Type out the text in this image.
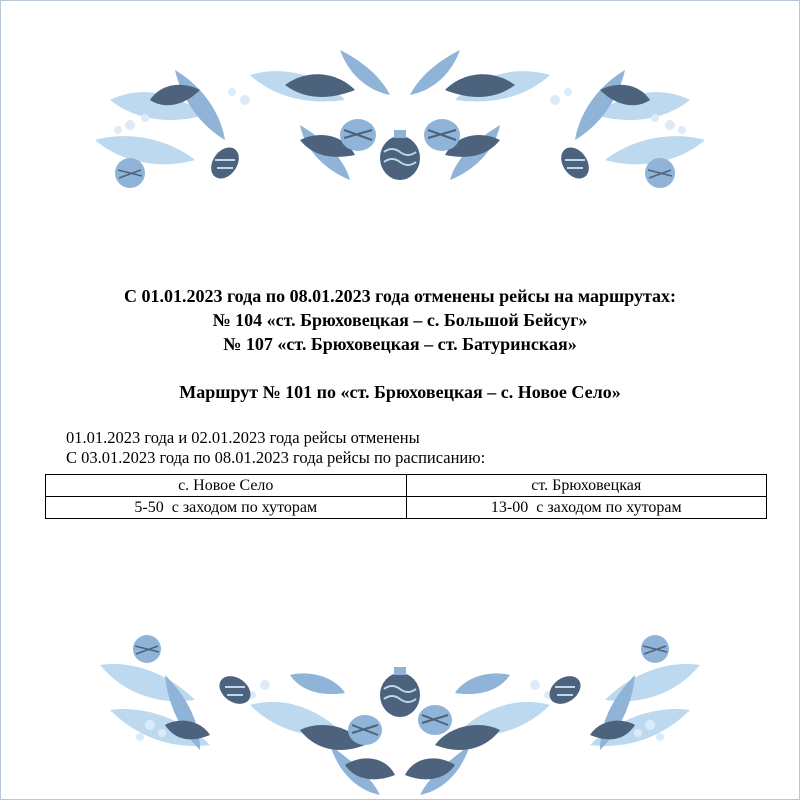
С 01.01.2023 года по 08.01.2023 года отменены рейсы на маршрутах:
№ 104 «ст. Брюховецкая – с. Большой Бейсуг»
№ 107 «ст. Брюховецкая – ст. Батуринская»
Маршрут № 101 по «ст. Брюховецкая – с. Новое Село»
01.01.2023 года и 02.01.2023 года рейсы отменены
С 03.01.2023 года по 08.01.2023 года рейсы по расписанию:
с. Новое Село	ст. Брюховецкая
5-50  с заходом по хуторам	13-00  с заходом по хуторам
